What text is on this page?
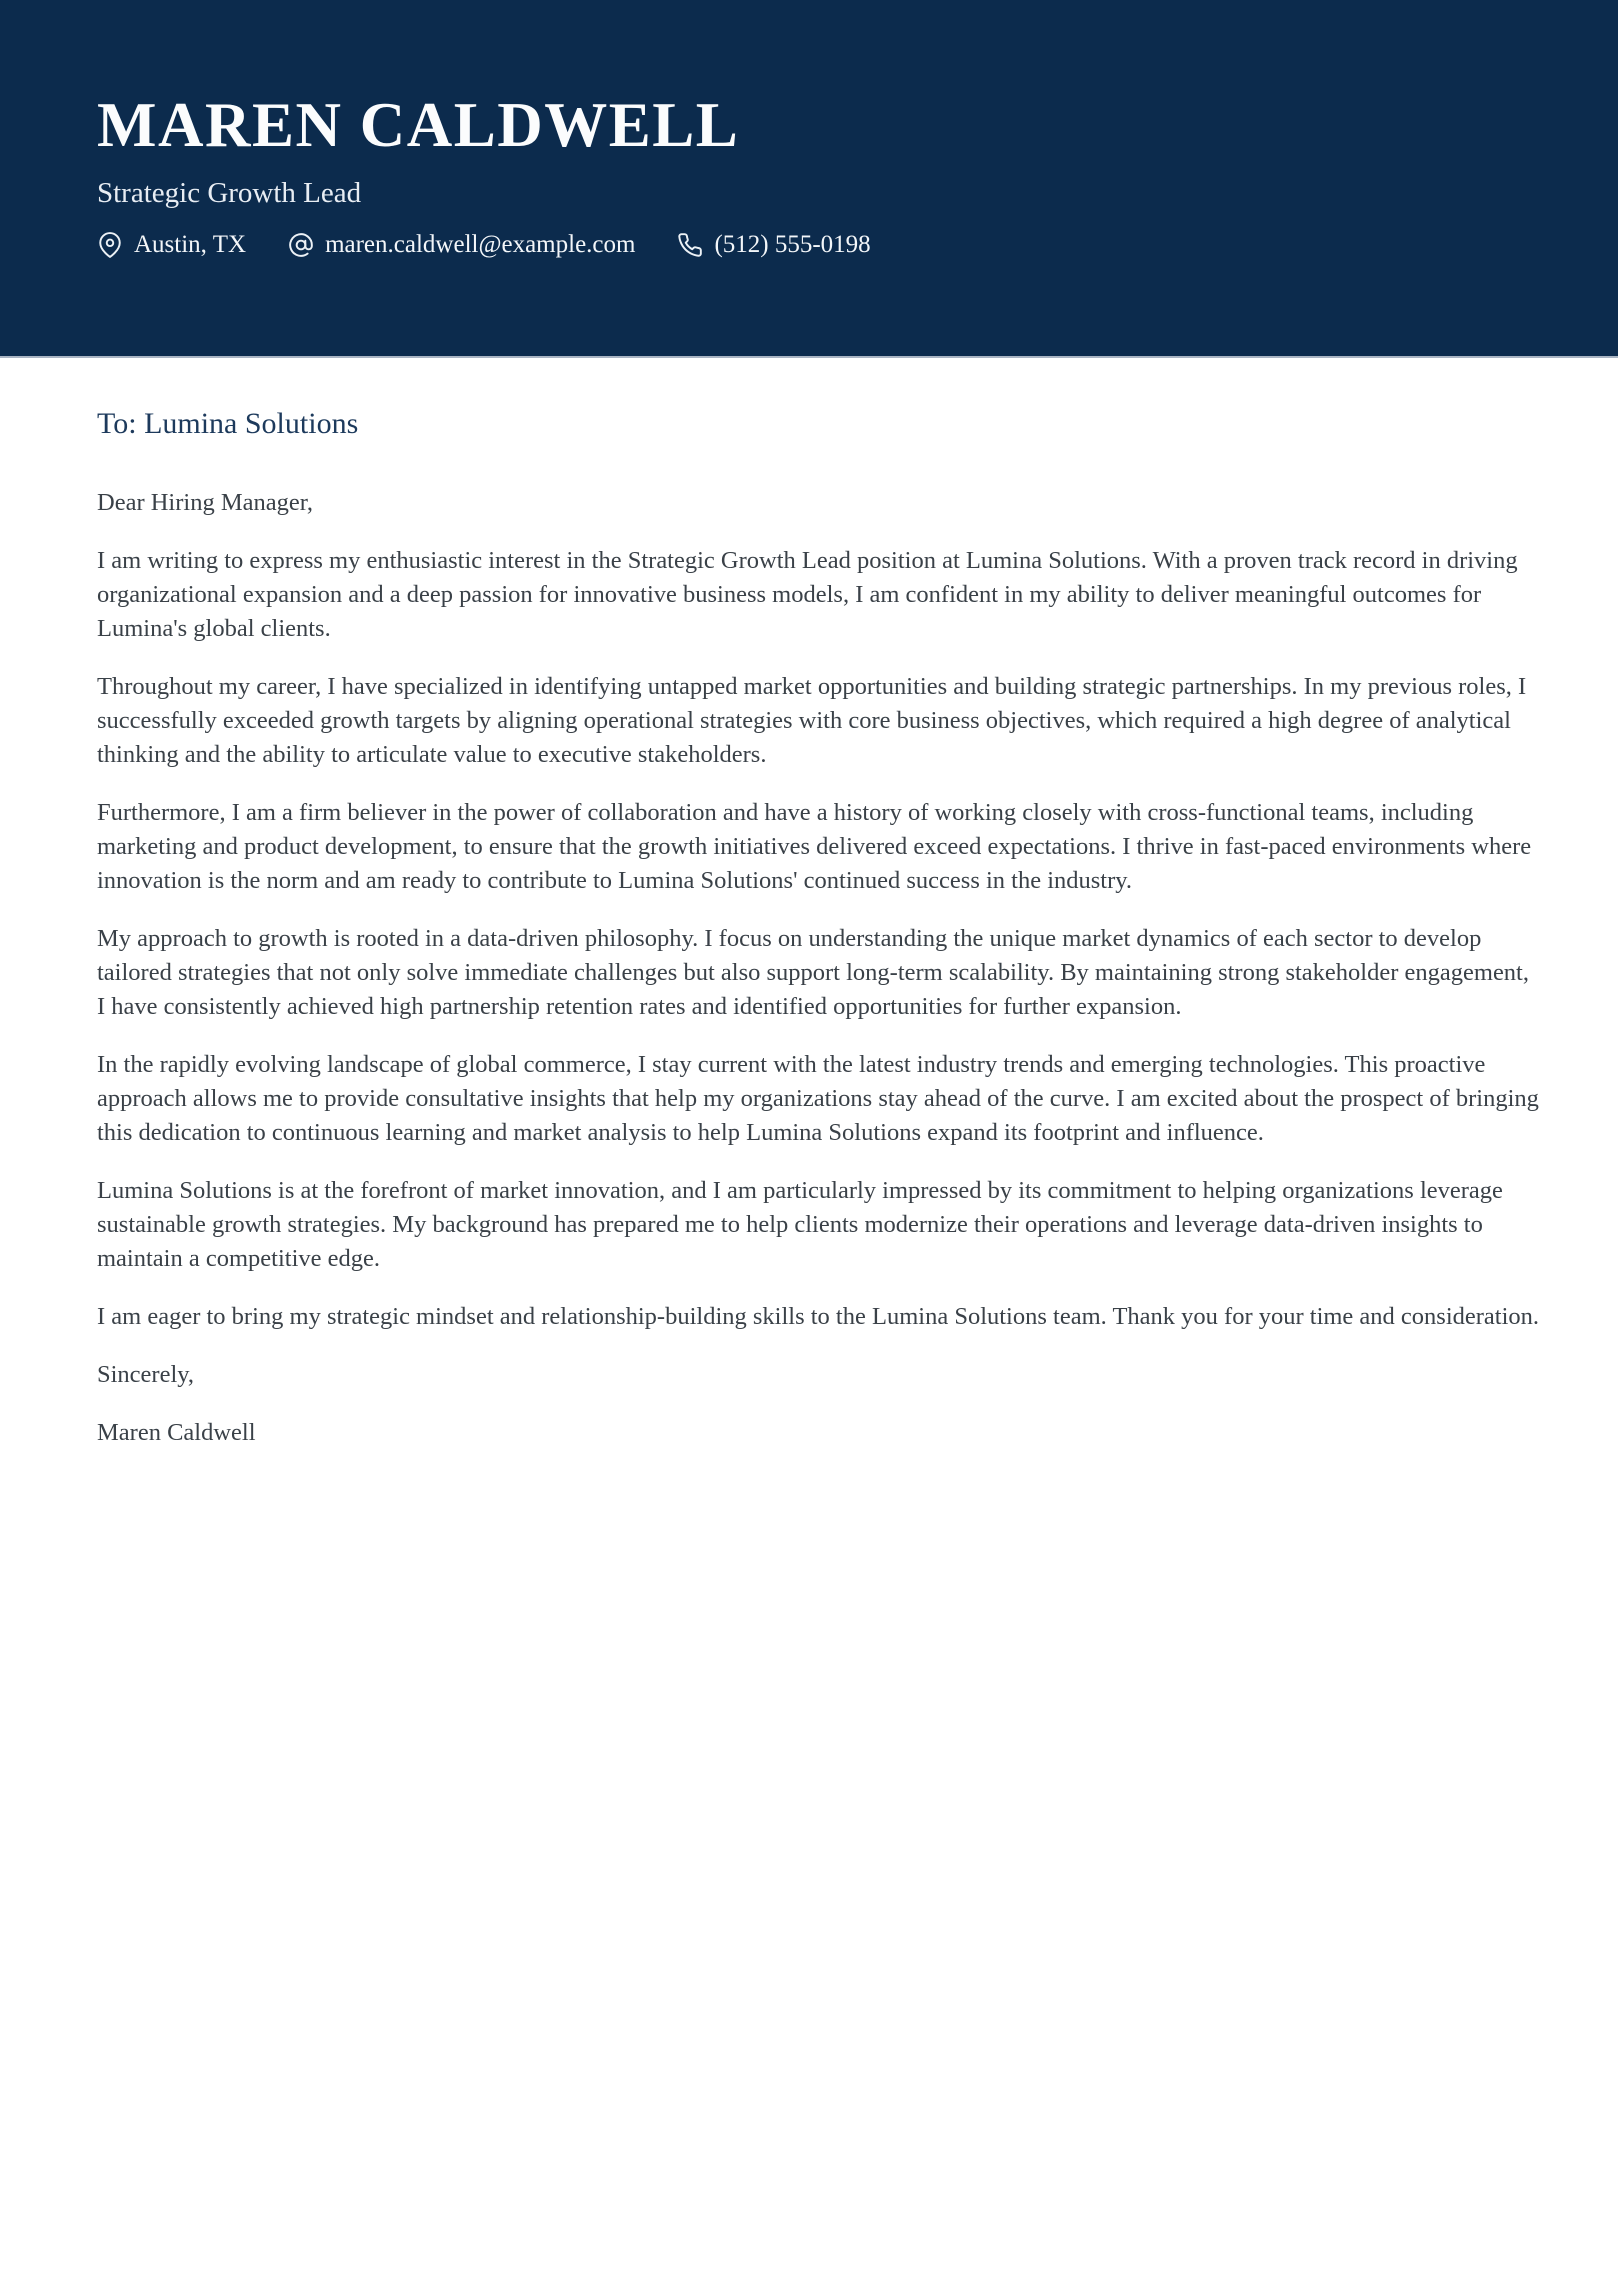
MAREN CALDWELL
Strategic Growth Lead
Austin, TX	maren.caldwell@example.com	(512) 555-0198
To: Lumina Solutions

Dear Hiring Manager,

I am writing to express my enthusiastic interest in the Strategic Growth Lead position at Lumina Solutions. With a proven track record in driving organizational expansion and a deep passion for innovative business models, I am confident in my ability to deliver meaningful outcomes for Lumina's global clients.

Throughout my career, I have specialized in identifying untapped market opportunities and building strategic partnerships. In my previous roles, I successfully exceeded growth targets by aligning operational strategies with core business objectives, which required a high degree of analytical thinking and the ability to articulate value to executive stakeholders.

Furthermore, I am a firm believer in the power of collaboration and have a history of working closely with cross-functional teams, including marketing and product development, to ensure that the growth initiatives delivered exceed expectations. I thrive in fast-paced environments where innovation is the norm and am ready to contribute to Lumina Solutions' continued success in the industry.

My approach to growth is rooted in a data-driven philosophy. I focus on understanding the unique market dynamics of each sector to develop tailored strategies that not only solve immediate challenges but also support long-term scalability. By maintaining strong stakeholder engagement, I have consistently achieved high partnership retention rates and identified opportunities for further expansion.

In the rapidly evolving landscape of global commerce, I stay current with the latest industry trends and emerging technologies. This proactive approach allows me to provide consultative insights that help my organizations stay ahead of the curve. I am excited about the prospect of bringing this dedication to continuous learning and market analysis to help Lumina Solutions expand its footprint and influence.

Lumina Solutions is at the forefront of market innovation, and I am particularly impressed by its commitment to helping organizations leverage sustainable growth strategies. My background has prepared me to help clients modernize their operations and leverage data-driven insights to maintain a competitive edge.

I am eager to bring my strategic mindset and relationship-building skills to the Lumina Solutions team. Thank you for your time and consideration.

Sincerely,

Maren Caldwell
